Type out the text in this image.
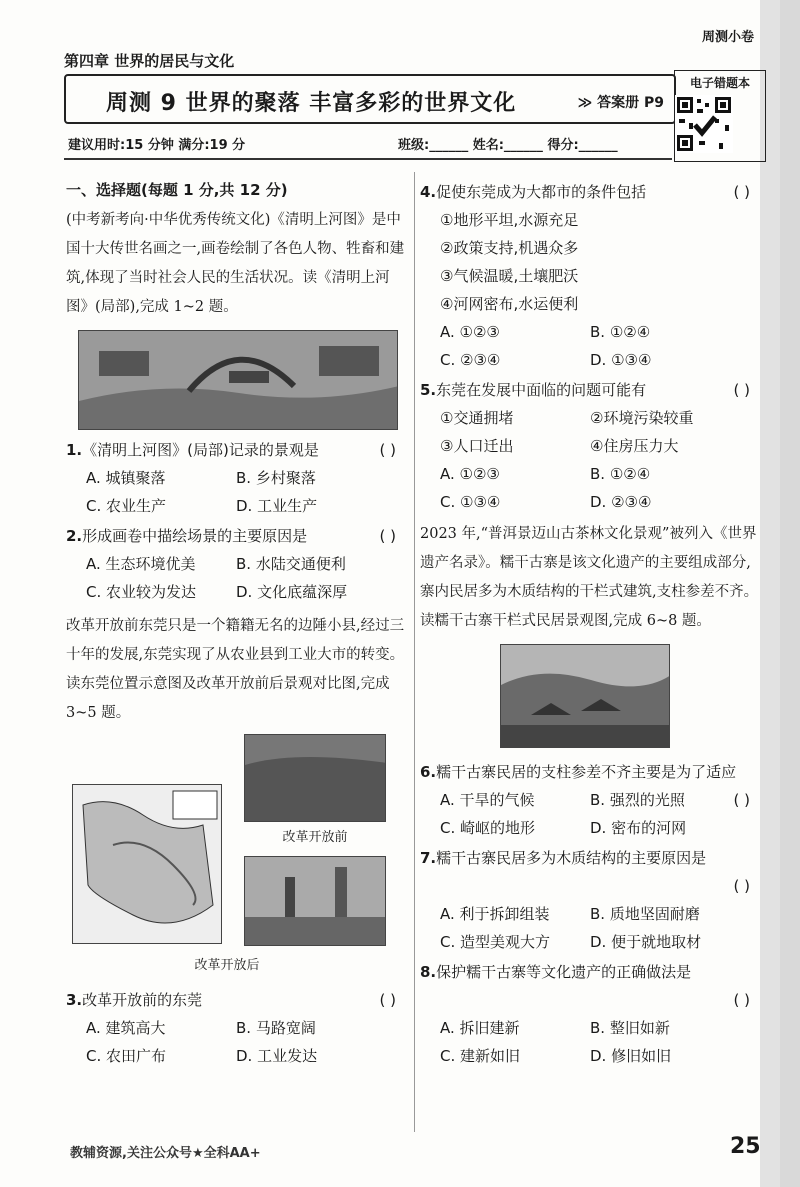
周测小卷
第四章 世界的居民与文化
周测 9 世界的聚落 丰富多彩的世界文化	≫ 答案册 P9
电子错题本
建议用时:15 分钟 满分:19 分	班级:______ 姓名:______ 得分:______
一、选择题(每题 1 分,共 12 分)
(中考新考向·中华优秀传统文化)《清明上河图》是中国十大传世名画之一,画卷绘制了各色人物、牲畜和建筑,体现了当时社会人民的生活状况。读《清明上河图》(局部),完成 1~2 题。
1.《清明上河图》(局部)记录的景观是	( )
A. 城镇聚落	B. 乡村聚落
C. 农业生产	D. 工业生产
2.形成画卷中描绘场景的主要原因是	( )
A. 生态环境优美	B. 水陆交通便利
C. 农业较为发达	D. 文化底蕴深厚
改革开放前东莞只是一个籍籍无名的边陲小县,经过三十年的发展,东莞实现了从农业县到工业大市的转变。读东莞位置示意图及改革开放前后景观对比图,完成 3~5 题。
改革开放前
改革开放后
3.改革开放前的东莞	( )
A. 建筑高大	B. 马路宽阔
C. 农田广布	D. 工业发达
4.促使东莞成为大都市的条件包括	( )
①地形平坦,水源充足
②政策支持,机遇众多
③气候温暖,土壤肥沃
④河网密布,水运便利
A. ①②③	B. ①②④
C. ②③④	D. ①③④
5.东莞在发展中面临的问题可能有	( )
①交通拥堵	②环境污染较重
③人口迁出	④住房压力大
A. ①②③	B. ①②④
C. ①③④	D. ②③④
2023 年,“普洱景迈山古茶林文化景观”被列入《世界遗产名录》。糯干古寨是该文化遗产的主要组成部分,寨内民居多为木质结构的干栏式建筑,支柱参差不齐。读糯干古寨干栏式民居景观图,完成 6~8 题。
6.糯干古寨民居的支柱参差不齐主要是为了适应
( )
A. 干旱的气候	B. 强烈的光照
C. 崎岖的地形	D. 密布的河网
7.糯干古寨民居多为木质结构的主要原因是

( )
A. 利于拆卸组装	B. 质地坚固耐磨
C. 造型美观大方	D. 便于就地取材
8.保护糯干古寨等文化遗产的正确做法是

( )
A. 拆旧建新	B. 整旧如新
C. 建新如旧	D. 修旧如旧
教辅资源,关注公众号★全科AA+	25
